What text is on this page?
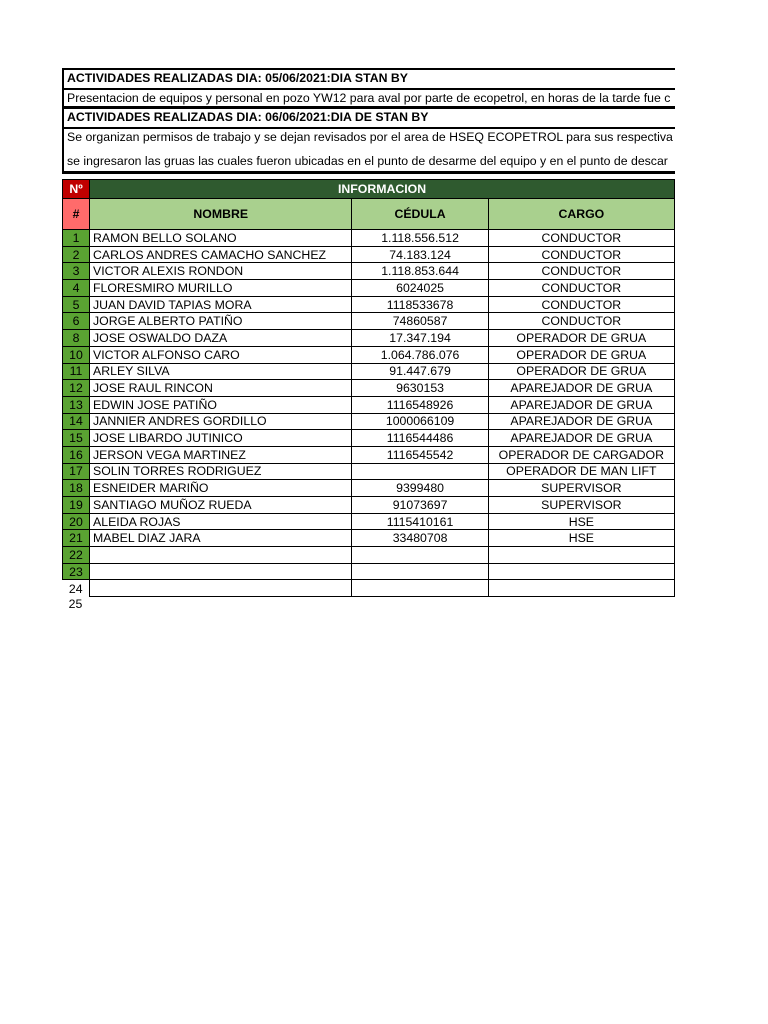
ACTIVIDADES REALIZADAS DIA: 05/06/2021:DIA STAN BY
Presentacion de equipos y personal en pozo YW12 para aval por parte de ecopetrol, en horas de la tarde fue c
ACTIVIDADES REALIZADAS DIA: 06/06/2021:DIA DE STAN BY
Se organizan permisos de trabajo y se dejan revisados por el area de HSEQ ECOPETROL para sus respectiva
se ingresaron las gruas las cuales fueron ubicadas en el punto de desarme del equipo y en el punto de descar
Nº	INFORMACION		
#	NOMBRE	CÉDULA	CARGO
1	RAMON BELLO SOLANO	1.118.556.512	CONDUCTOR
2	CARLOS ANDRES CAMACHO SANCHEZ	74.183.124	CONDUCTOR
3	VICTOR ALEXIS RONDON	1.118.853.644	CONDUCTOR
4	FLORESMIRO MURILLO	6024025	CONDUCTOR
5	JUAN DAVID TAPIAS MORA	1118533678	CONDUCTOR
6	JORGE ALBERTO PATIÑO	74860587	CONDUCTOR
8	JOSE OSWALDO DAZA	17.347.194	OPERADOR DE GRUA
10	VICTOR ALFONSO CARO	1.064.786.076	OPERADOR DE GRUA
11	ARLEY SILVA	91.447.679	OPERADOR DE GRUA
12	JOSE RAUL RINCON	9630153	APAREJADOR DE GRUA
13	EDWIN JOSE PATIÑO	1116548926	APAREJADOR DE GRUA
14	JANNIER ANDRES GORDILLO	1000066109	APAREJADOR DE GRUA
15	JOSE LIBARDO JUTINICO	1116544486	APAREJADOR DE GRUA
16	JERSON VEGA MARTINEZ	1116545542	OPERADOR DE CARGADOR
17	SOLIN TORRES RODRIGUEZ		OPERADOR DE MAN LIFT
18	ESNEIDER MARIÑO	9399480	SUPERVISOR
19	SANTIAGO MUÑOZ RUEDA	91073697	SUPERVISOR
20	ALEIDA ROJAS	1115410161	HSE
21	MABEL DIAZ JARA	33480708	HSE
22			
23			
24			
25
